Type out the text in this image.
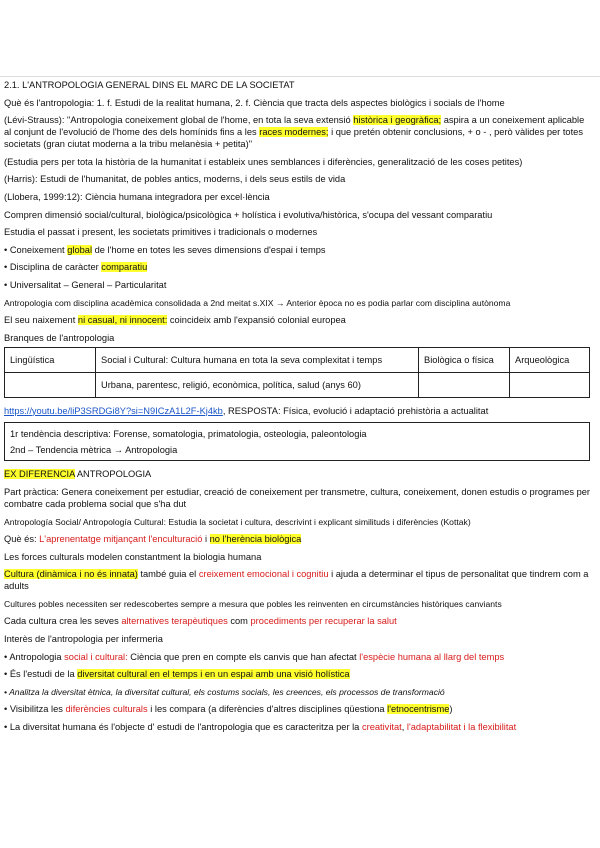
2.1. L'ANTROPOLOGIA GENERAL DINS EL MARC DE LA SOCIETAT
Què és l'antropologia: 1. f. Estudi de la realitat humana, 2. f. Ciència que tracta dels aspectes biològics i socials de l'home
(Lévi-Strauss): "Antropologia coneixement global de l'home, en tota la seva extensió històrica i geogràfica; aspira a un coneixement aplicable al conjunt de l'evolució de l'home des dels homínids fins a les races modernes; i que pretén obtenir conclusions, + o - , però vàlides per totes societats (gran ciutat moderna a la tribu melanèsia + petita)"
(Estudia pers per tota la història de la humanitat i estableix unes semblances i diferències, generalització de les coses petites)
(Harris): Estudi de l'humanitat, de pobles antics, moderns, i dels seus estils de vida
(Llobera, 1999:12): Ciència humana integradora per excel·lència
Compren dimensió social/cultural, biològica/psicològica + holística i evolutiva/històrica, s'ocupa del vessant comparatiu
Estudia el passat i present, les societats primitives i tradicionals o modernes
• Coneixement global de l'home en totes les seves dimensions d'espai i temps
• Disciplina de caràcter comparatiu
• Universalitat – General – Particularitat
Antropologia com disciplina acadèmica consolidada a 2nd meitat s.XIX → Anterior època no es podia parlar com disciplina autònoma
El seu naixement ni casual, ni innocent: coincideix amb l'expansió colonial europea
Branques de l'antropologia
Lingüística	Social i Cultural: Cultura humana en tota la seva complexitat i temps	Biològica o física	Arqueològica
	Urbana, parentesc, religió, econòmica, política, salud (anys 60)		
https://youtu.be/liP3SRDGi8Y?si=N9ICzA1L2F-Kj4kb, RESPOSTA: Física, evolució i adaptació prehistòria a actualitat
1r tendència descriptiva: Forense, somatologia, primatologia, osteologia, paleontologia
2nd – Tendencia mètrica → Antropologia
EX DIFERENCIA ANTROPOLOGIA
Part pràctica: Genera coneixement per estudiar, creació de coneixement per transmetre, cultura, coneixement, donen estudis o programes per combatre cada problema social que s'ha dut
Antropología Social/ Antropología Cultural: Estudia la societat i cultura, descrivint i explicant similituds i diferències (Kottak)
Què és: L'aprenentatge mitjançant l'enculturació i no l'herència biològica
Les forces culturals modelen constantment la biologia humana
Cultura (dinàmica i no és innata) també guia el creixement emocional i cognitiu i ajuda a determinar el tipus de personalitat que tindrem com a adults
Cultures pobles necessiten ser redescobertes sempre a mesura que pobles les reinventen en circumstàncies històriques canviants
Cada cultura crea les seves alternatives terapèutiques com procediments per recuperar la salut
Interès de l'antropologia per infermeria
• Antropologia social i cultural: Ciència que pren en compte els canvis que han afectat l'espècie humana al llarg del temps
• És l'estudi de la diversitat cultural en el temps i en un espai amb una visió holística
• Analitza la diversitat ètnica, la diversitat cultural, els costums socials, les creences, els processos de transformació
• Visibilitza les diferències culturals i les compara (a diferències d'altres disciplines qüestiona l'etnocentrisme)
• La diversitat humana és l'objecte d' estudi de l'antropologia que es caracteritza per la creativitat, l'adaptabilitat i la flexibilitat
